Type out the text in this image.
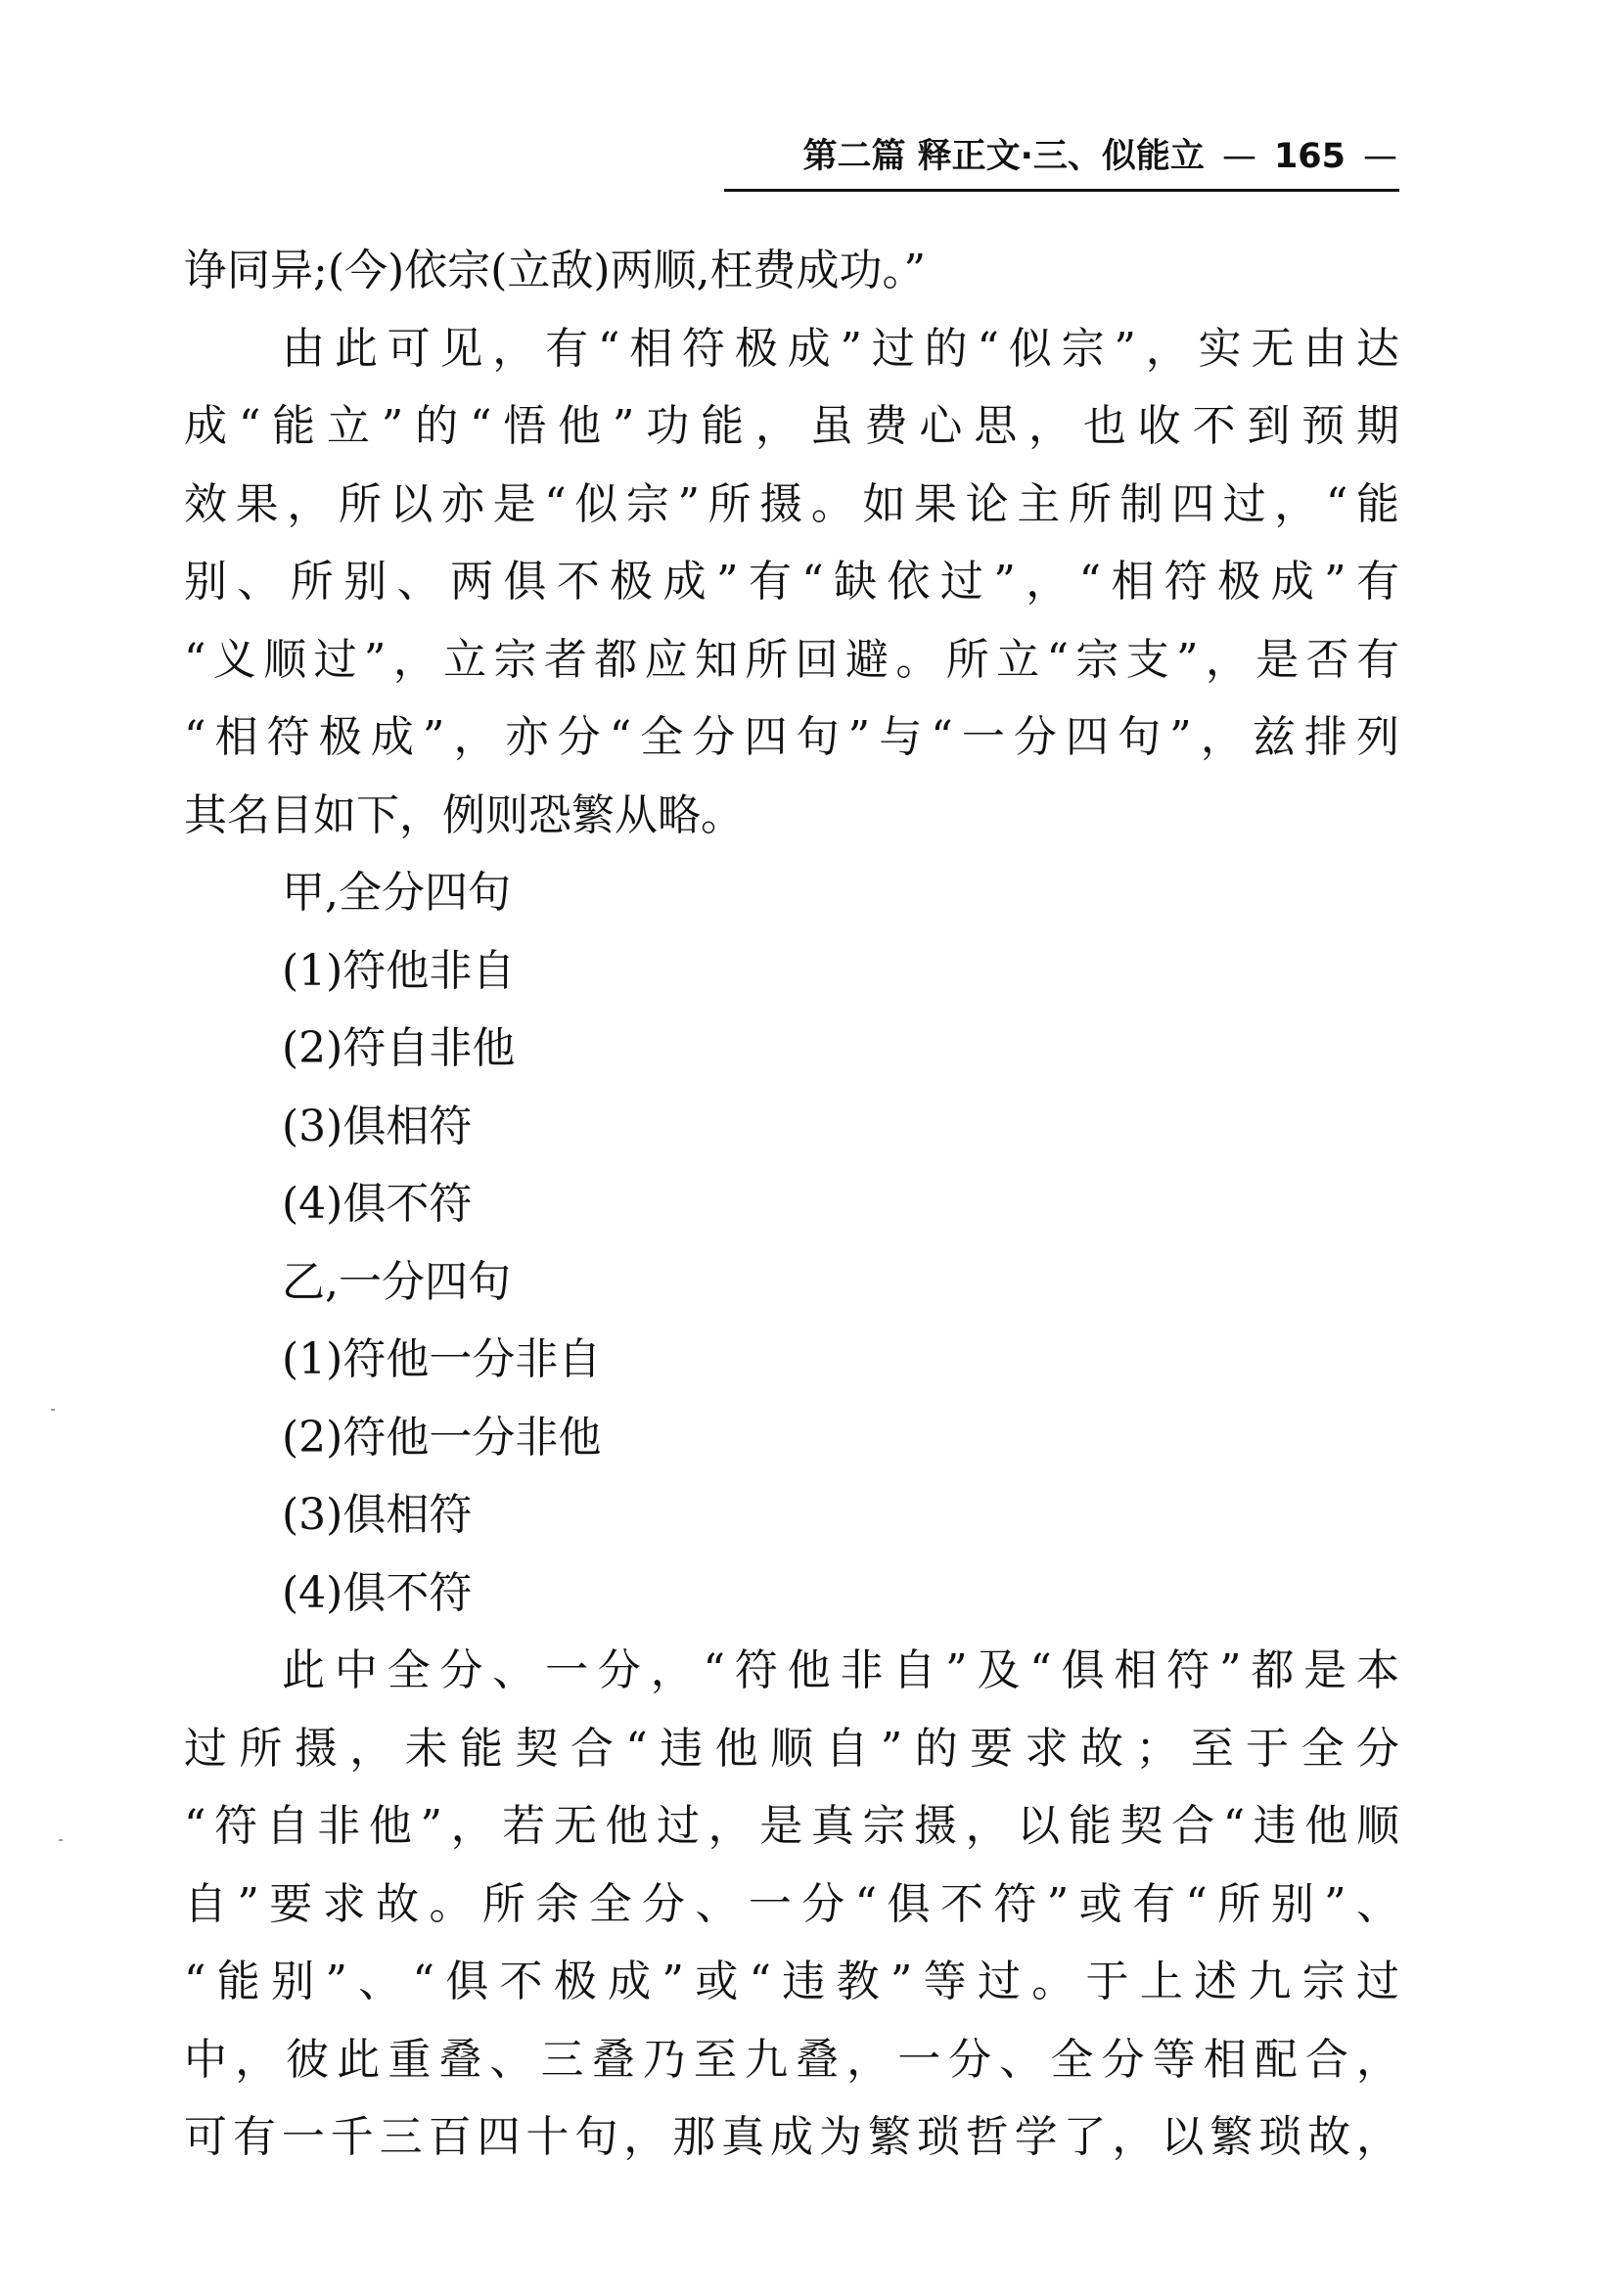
第二篇 释正文·三、似能立 — 165 —
诤同异;(今)依宗(立敌)两顺,枉费成功。”
由此可见，有“相符极成”过的“似宗”，实无由达
成“能立”的“悟他”功能，虽费心思，也收不到预期
效果，所以亦是“似宗”所摄。如果论主所制四过，“能
别、所别、两俱不极成”有“缺依过”，“相符极成”有
“义顺过”，立宗者都应知所回避。所立“宗支”，是否有
“相符极成”，亦分“全分四句”与“一分四句”，兹排列
其名目如下，例则恐繁从略。
甲,全分四句
(1)符他非自
(2)符自非他
(3)俱相符
(4)俱不符
乙,一分四句
(1)符他一分非自
(2)符他一分非他
(3)俱相符
(4)俱不符
此中全分、一分，“符他非自”及“俱相符”都是本
过所摄，未能契合“违他顺自”的要求故；至于全分
“符自非他”，若无他过，是真宗摄，以能契合“违他顺
自”要求故。所余全分、一分“俱不符”或有“所别”、
“能别”、“俱不极成”或“违教”等过。于上述九宗过
中，彼此重叠、三叠乃至九叠，一分、全分等相配合，
可有一千三百四十句，那真成为繁琐哲学了，以繁琐故，
